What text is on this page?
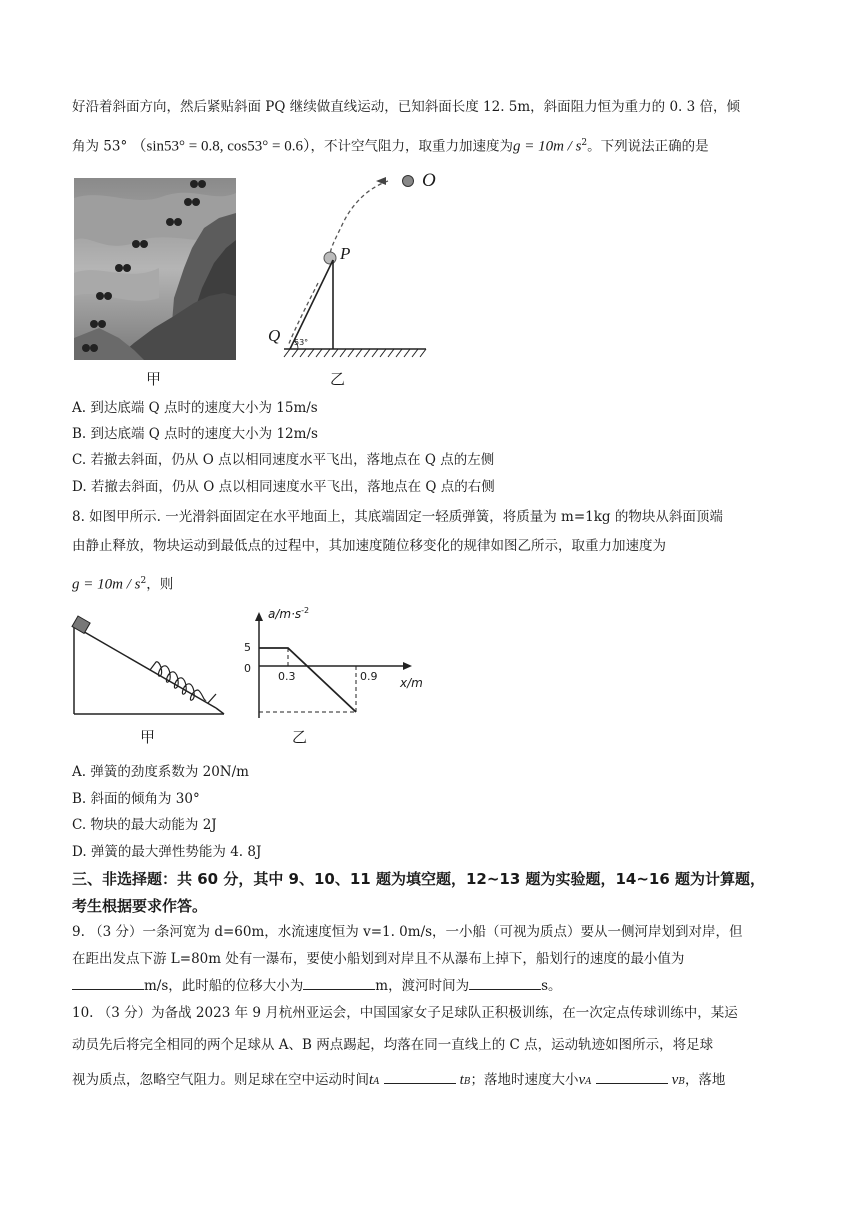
好沿着斜面方向，然后紧贴斜面 PQ 继续做直线运动，已知斜面长度 12. 5m，斜面阻力恒为重力的 0. 3 倍，倾

角为 53° （sin53° = 0.8, cos53° = 0.6），不计空气阻力，取重力加速度为$g = 10m / s^2$。下列说法正确的是

甲
O
P
Q 53°
乙

A. 到达底端 Q 点时的速度大小为 15m/s

B. 到达底端 Q 点时的速度大小为 12m/s

C. 若撤去斜面，仍从 O 点以相同速度水平飞出，落地点在 Q 点的左侧

D. 若撤去斜面，仍从 O 点以相同速度水平飞出，落地点在 Q 点的右侧

8. 如图甲所示. 一光滑斜面固定在水平地面上，其底端固定一轻质弹簧，将质量为 m=1kg 的物块从斜面顶端

由静止释放，物块运动到最低点的过程中，其加速度随位移变化的规律如图乙所示，取重力加速度为

$g = 10m / s^2$，则

甲
$a/m\cdot s^{-2}$
5
0
0.3	0.9 x/m
乙

A. 弹簧的劲度系数为 20N/m

B. 斜面的倾角为 30°

C. 物块的最大动能为 2J

D. 弹簧的最大弹性势能为 4. 8J

三、非选择题：共 60 分，其中 9、10、11 题为填空题，12~13 题为实验题，14~16 题为计算题，

考生根据要求作答。

9. （3 分）一条河宽为 d=60m，水流速度恒为 v=1. 0m/s，一小船（可视为质点）要从一侧河岸划到对岸，但

在距出发点下游 L=80m 处有一瀑布，要使小船划到对岸且不从瀑布上掉下，船划行的速度的最小值为

m/s，此时船的位移大小为	m，渡河时间为	s。

10. （3 分）为备战 2023 年 9 月杭州亚运会，中国国家女子足球队正积极训练，在一次定点传球训练中，某运

动员先后将完全相同的两个足球从 A、B 两点踢起，均落在同一直线上的 C 点，运动轨迹如图所示，将足球

视为质点，忽略空气阻力。则足球在空中运动时间tA	tB；落地时速度大小vA	vB，落地
